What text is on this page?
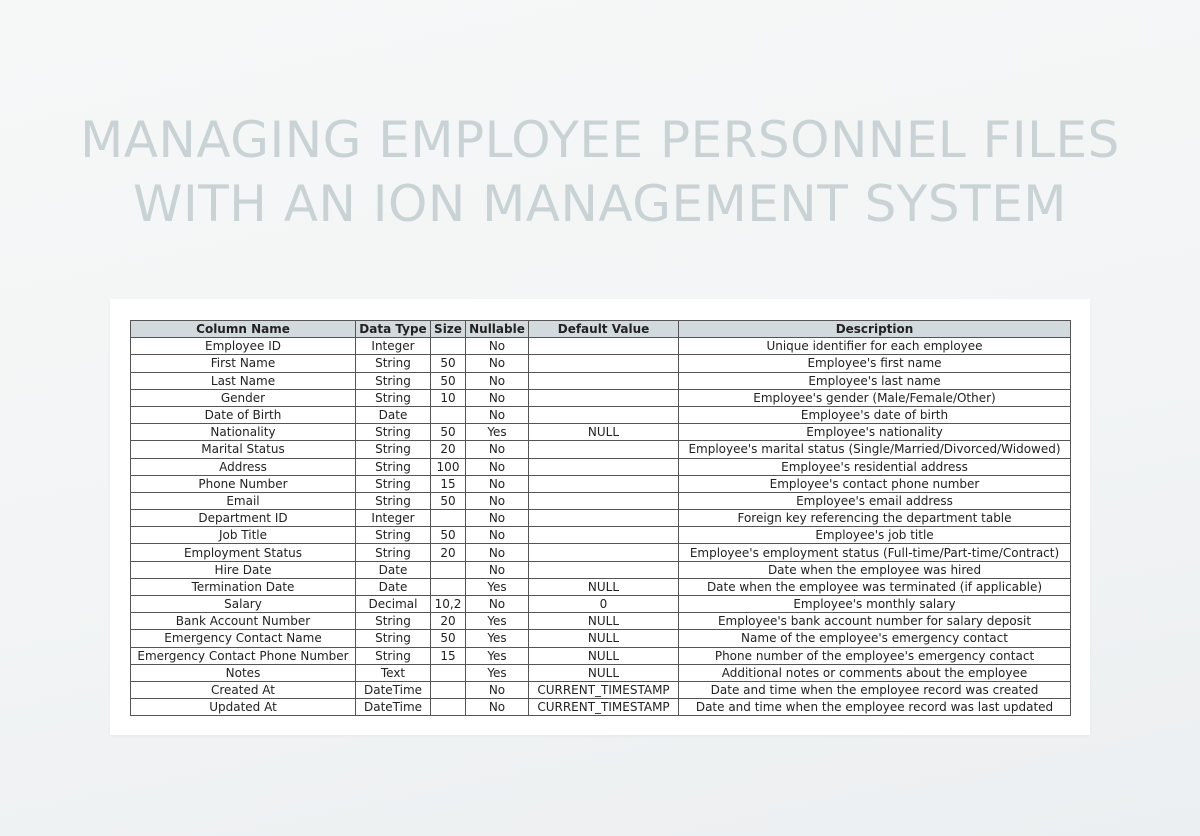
MANAGING EMPLOYEE PERSONNEL FILES
WITH AN ION MANAGEMENT SYSTEM
Column Name	Data Type	Size	Nullable	Default Value	Description
Employee ID	Integer		No		Unique identifier for each employee
First Name	String	50	No		Employee's first name
Last Name	String	50	No		Employee's last name
Gender	String	10	No		Employee's gender (Male/Female/Other)
Date of Birth	Date		No		Employee's date of birth
Nationality	String	50	Yes	NULL	Employee's nationality
Marital Status	String	20	No		Employee's marital status (Single/Married/Divorced/Widowed)
Address	String	100	No		Employee's residential address
Phone Number	String	15	No		Employee's contact phone number
Email	String	50	No		Employee's email address
Department ID	Integer		No		Foreign key referencing the department table
Job Title	String	50	No		Employee's job title
Employment Status	String	20	No		Employee's employment status (Full-time/Part-time/Contract)
Hire Date	Date		No		Date when the employee was hired
Termination Date	Date		Yes	NULL	Date when the employee was terminated (if applicable)
Salary	Decimal	10,2	No	0	Employee's monthly salary
Bank Account Number	String	20	Yes	NULL	Employee's bank account number for salary deposit
Emergency Contact Name	String	50	Yes	NULL	Name of the employee's emergency contact
Emergency Contact Phone Number	String	15	Yes	NULL	Phone number of the employee's emergency contact
Notes	Text		Yes	NULL	Additional notes or comments about the employee
Created At	DateTime		No	CURRENT_TIMESTAMP	Date and time when the employee record was created
Updated At	DateTime		No	CURRENT_TIMESTAMP	Date and time when the employee record was last updated
